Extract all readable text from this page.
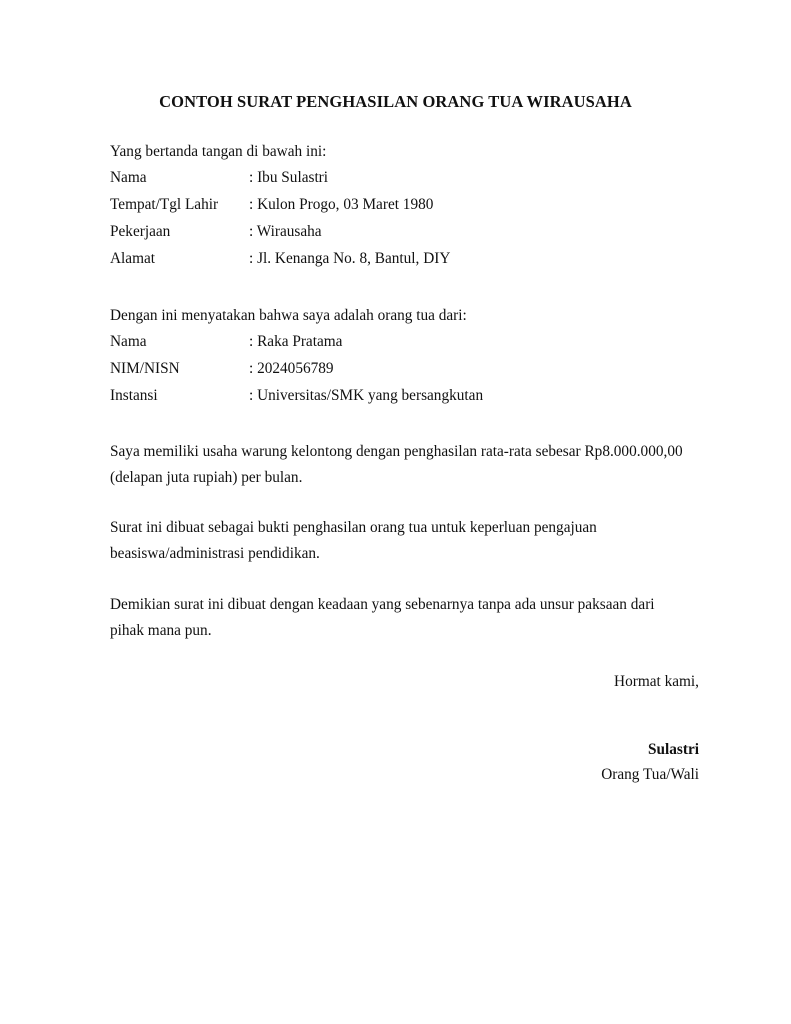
CONTOH SURAT PENGHASILAN ORANG TUA WIRAUSAHA
Yang bertanda tangan di bawah ini:
Nama	: Ibu Sulastri
Tempat/Tgl Lahir	: Kulon Progo, 03 Maret 1980
Pekerjaan	: Wirausaha
Alamat	: Jl. Kenanga No. 8, Bantul, DIY
Dengan ini menyatakan bahwa saya adalah orang tua dari:
Nama	: Raka Pratama
NIM/NISN	: 2024056789
Instansi	: Universitas/SMK yang bersangkutan

Saya memiliki usaha warung kelontong dengan penghasilan rata-rata sebesar Rp8.000.000,00
(delapan juta rupiah) per bulan.

Surat ini dibuat sebagai bukti penghasilan orang tua untuk keperluan pengajuan
beasiswa/administrasi pendidikan.

Demikian surat ini dibuat dengan keadaan yang sebenarnya tanpa ada unsur paksaan dari
pihak mana pun.

Hormat kami,
Sulastri
Orang Tua/Wali
